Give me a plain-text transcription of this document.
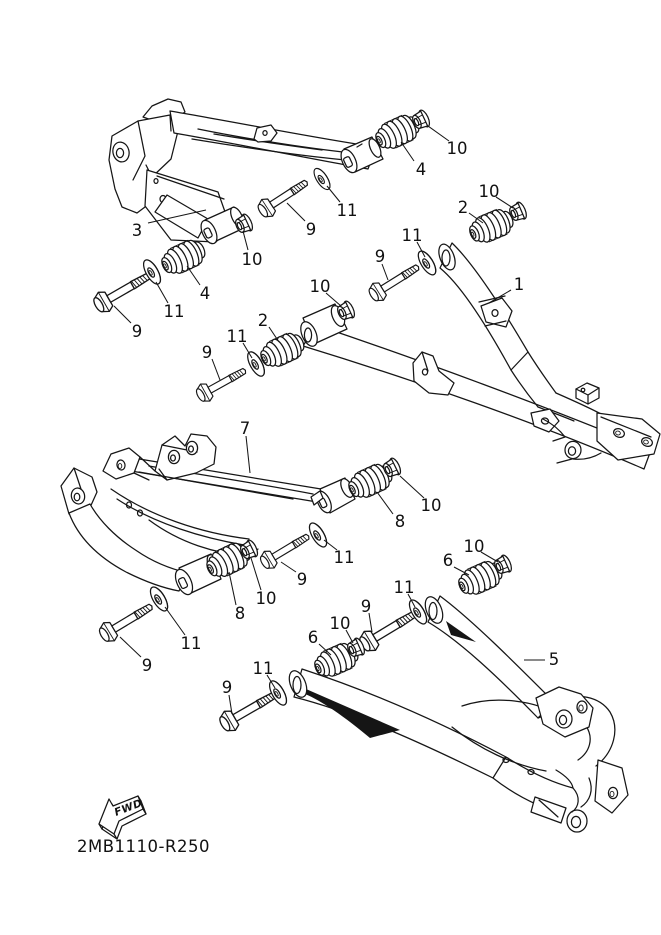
3
10
4
11
9
9
11
10
4
2
10
11
9
1
10
2
11
9
7
10
8
11
9
10
6
11
9
8
10
11
9
6
10
11
9
5
FWD
2MB1110-R250
